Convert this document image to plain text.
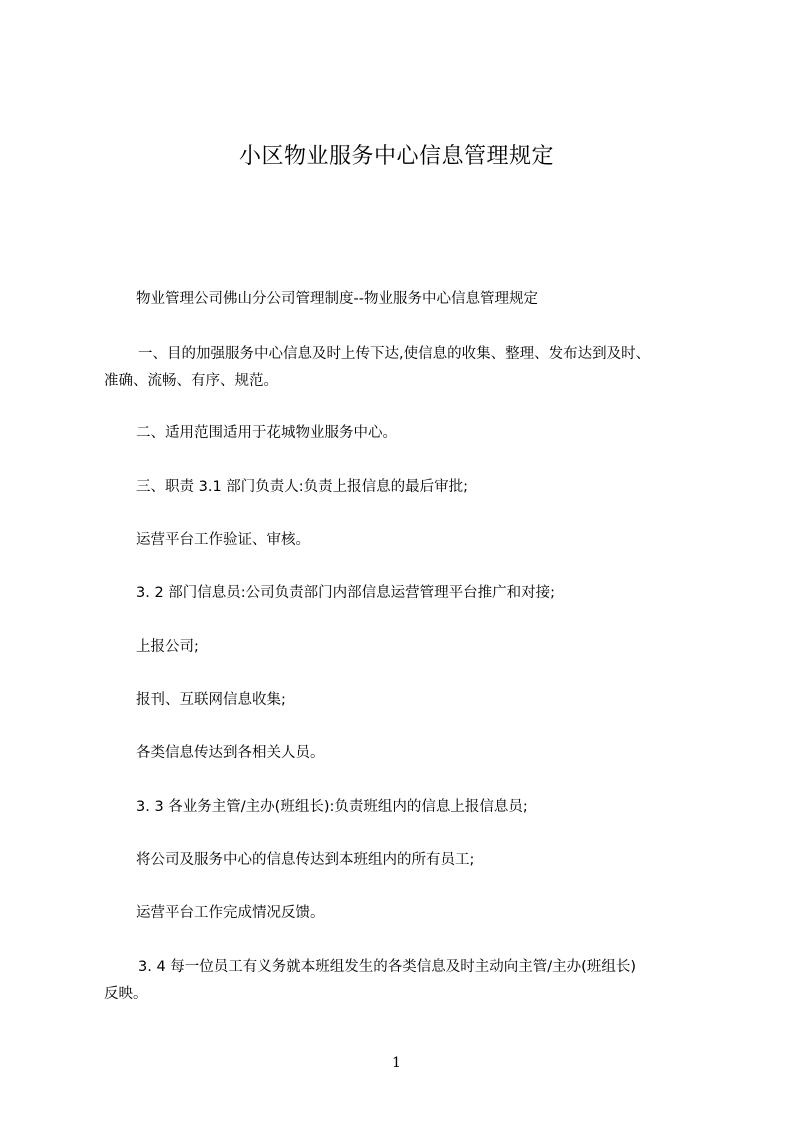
小区物业服务中心信息管理规定
物业管理公司佛山分公司管理制度--物业服务中心信息管理规定
一、目的加强服务中心信息及时上传下达,使信息的收集、整理、发布达到及时、
准确、流畅、有序、规范。
二、适用范围适用于花城物业服务中心。
三、职责 3.1 部门负责人:负责上报信息的最后审批;
运营平台工作验证、审核。
3. 2 部门信息员:公司负责部门内部信息运营管理平台推广和对接;
上报公司;
报刊、互联网信息收集;
各类信息传达到各相关人员。
3. 3 各业务主管/主办(班组长):负责班组内的信息上报信息员;
将公司及服务中心的信息传达到本班组内的所有员工;
运营平台工作完成情况反馈。
3. 4 每一位员工有义务就本班组发生的各类信息及时主动向主管/主办(班组长)
反映。
1
